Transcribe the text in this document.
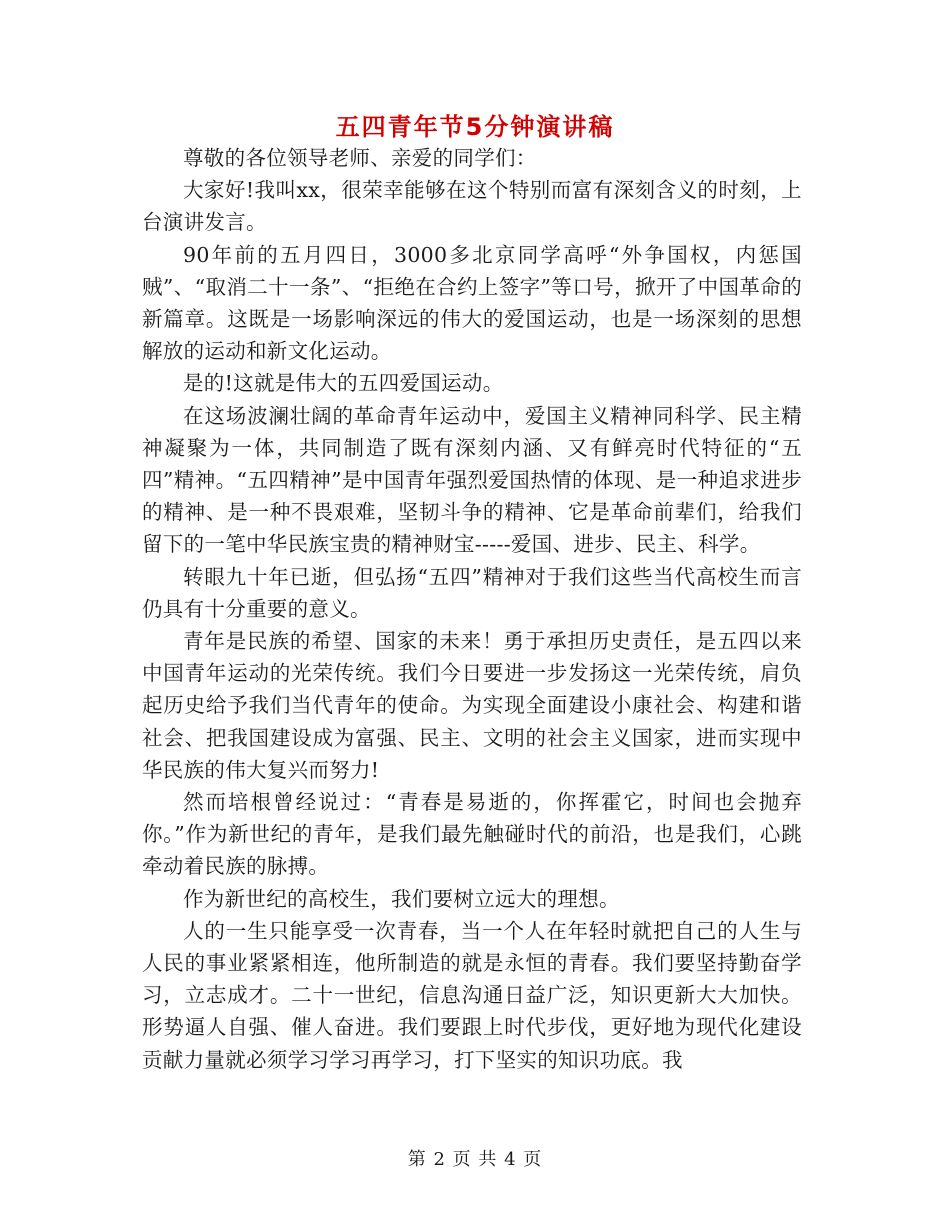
五四青年节5分钟演讲稿

尊敬的各位领导老师、亲爱的同学们：

大家好!我叫xx，很荣幸能够在这个特别而富有深刻含义的时刻，上台演讲发言。

90年前的五月四日，3000多北京同学高呼“外争国权，内惩国贼”、“取消二十一条”、“拒绝在合约上签字”等口号，掀开了中国革命的新篇章。这既是一场影响深远的伟大的爱国运动，也是一场深刻的思想解放的运动和新文化运动。

是的!这就是伟大的五四爱国运动。

在这场波澜壮阔的革命青年运动中，爱国主义精神同科学、民主精神凝聚为一体，共同制造了既有深刻内涵、又有鲜亮时代特征的“五四”精神。“五四精神”是中国青年强烈爱国热情的体现、是一种追求进步的精神、是一种不畏艰难，坚韧斗争的精神、它是革命前辈们，给我们留下的一笔中华民族宝贵的精神财宝-----爱国、进步、民主、科学。

转眼九十年已逝，但弘扬“五四”精神对于我们这些当代高校生而言仍具有十分重要的意义。

青年是民族的希望、国家的未来！勇于承担历史责任，是五四以来中国青年运动的光荣传统。我们今日要进一步发扬这一光荣传统，肩负起历史给予我们当代青年的使命。为实现全面建设小康社会、构建和谐社会、把我国建设成为富强、民主、文明的社会主义国家，进而实现中华民族的伟大复兴而努力!

然而培根曾经说过：“青春是易逝的，你挥霍它，时间也会抛弃你。”作为新世纪的青年，是我们最先触碰时代的前沿，也是我们，心跳牵动着民族的脉搏。

作为新世纪的高校生，我们要树立远大的理想。

人的一生只能享受一次青春，当一个人在年轻时就把自己的人生与人民的事业紧紧相连，他所制造的就是永恒的青春。我们要坚持勤奋学习，立志成才。二十一世纪，信息沟通日益广泛，知识更新大大加快。形势逼人自强、催人奋进。我们要跟上时代步伐，更好地为现代化建设贡献力量就必须学习学习再学习，打下坚实的知识功底。我

第 2 页 共 4 页
